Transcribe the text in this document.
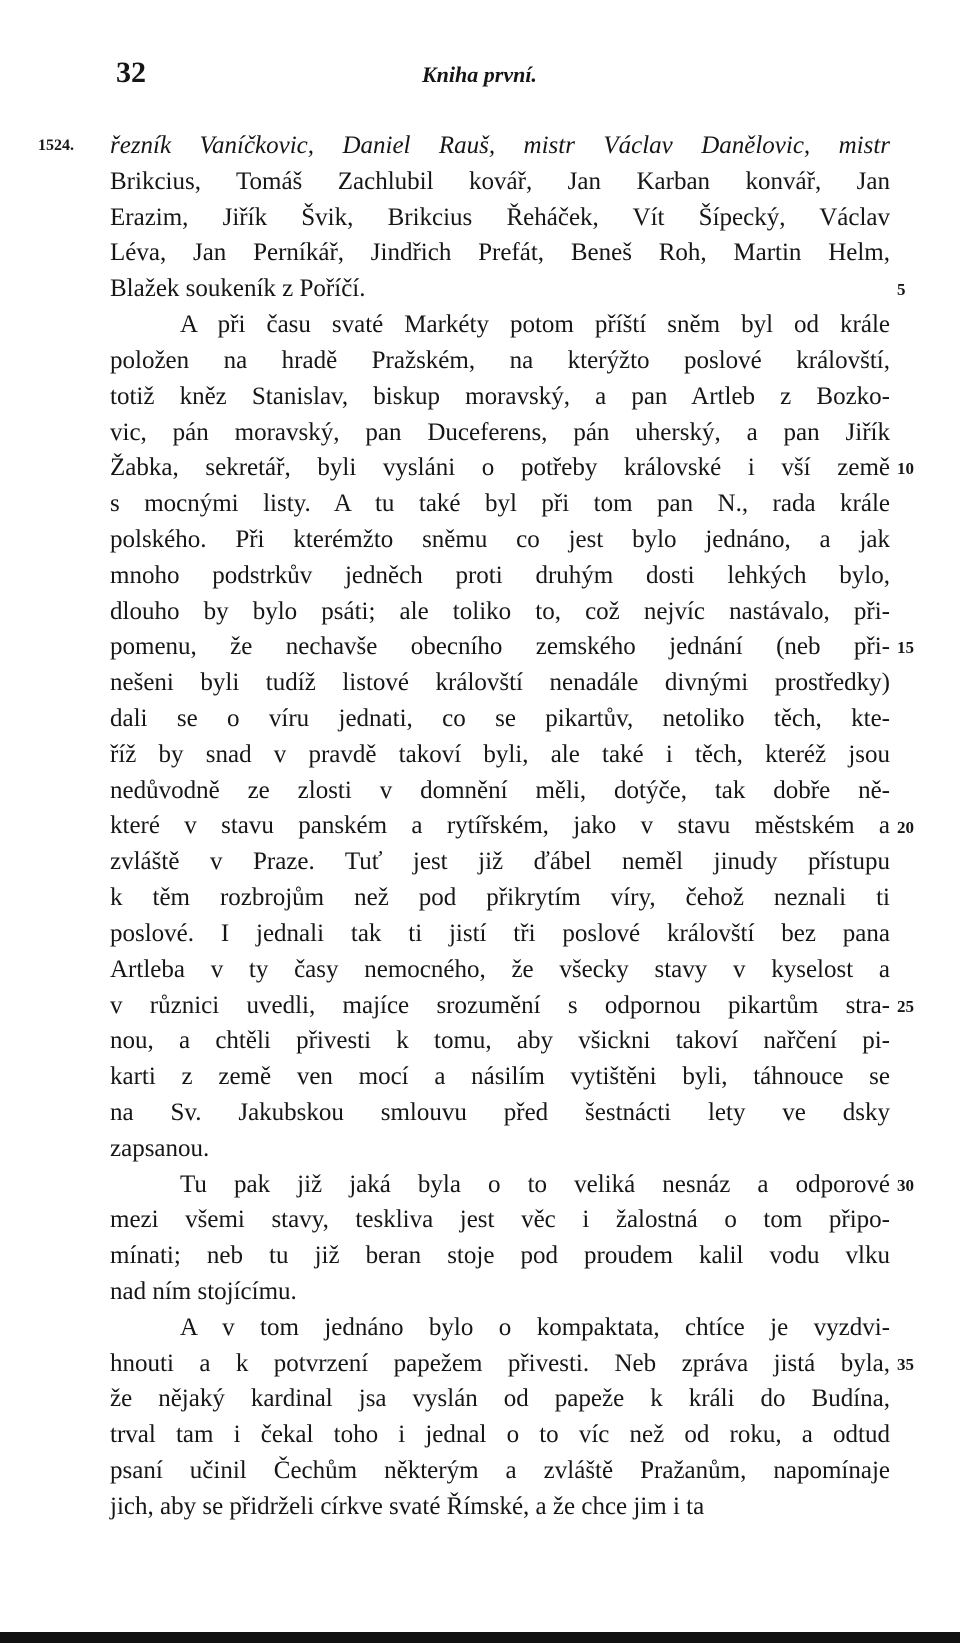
32	Kniha první.
1524. řezník Vaníčkovic, Daniel Rauš, mistr Václav Danělovic, mistr
Brikcius, Tomáš Zachlubil kovář, Jan Karban konvář, Jan
Erazim, Jiřík Švik, Brikcius Řeháček, Vít Šípecký, Václav
Léva, Jan Perníkář, Jindřich Prefát, Beneš Roh, Martin Helm,
Blažek soukeník z Poříčí.
A při času svaté Markéty potom příští sněm byl od krále
položen na hradě Pražském, na kterýžto poslové královští,
totiž kněz Stanislav, biskup moravský, a pan Artleb z Bozko-
vic, pán moravský, pan Duceferens, pán uherský, a pan Jiřík
Žabka, sekretář, byli vysláni o potřeby královské i vší země
s mocnými listy. A tu také byl při tom pan N., rada krále
polského. Při kterémžto sněmu co jest bylo jednáno, a jak
mnoho podstrkův jedněch proti druhým dosti lehkých bylo,
dlouho by bylo psáti; ale toliko to, což nejvíc nastávalo, při-
pomenu, že nechavše obecního zemského jednání (neb při-
nešeni byli tudíž listové královští nenadále divnými prostředky)
dali se o víru jednati, co se pikartův, netoliko těch, kte-
říž by snad v pravdě takoví byli, ale také i těch, kteréž jsou
nedůvodně ze zlosti v domnění měli, dotýče, tak dobře ně-
které v stavu panském a rytířském, jako v stavu městském a
zvláště v Praze. Tuť jest již ďábel neměl jinudy přístupu
k těm rozbrojům než pod přikrytím víry, čehož neznali ti
poslové. I jednali tak ti jistí tři poslové královští bez pana
Artleba v ty časy nemocného, že všecky stavy v kyselost a
v různici uvedli, majíce srozumění s odpornou pikartům stra-
nou, a chtěli přivesti k tomu, aby všickni takoví nařčení pi-
karti z země ven mocí a násilím vytištěni byli, táhnouce se
na Sv. Jakubskou smlouvu před šestnácti lety ve dsky
zapsanou.
Tu pak již jaká byla o to veliká nesnáz a odporové
mezi všemi stavy, teskliva jest věc i žalostná o tom připo-
mínati; neb tu již beran stoje pod proudem kalil vodu vlku
nad ním stojícímu.
A v tom jednáno bylo o kompaktata, chtíce je vyzdvi-
hnouti a k potvrzení papežem přivesti. Neb zpráva jistá byla,
že nějaký kardinal jsa vyslán od papeže k králi do Budína,
trval tam i čekal toho i jednal o to víc než od roku, a odtud
psaní učinil Čechům některým a zvláště Pražanům, napomínaje
jich, aby se přidrželi církve svaté Římské, a že chce jim i ta
5
10
15
20
25
30
35
